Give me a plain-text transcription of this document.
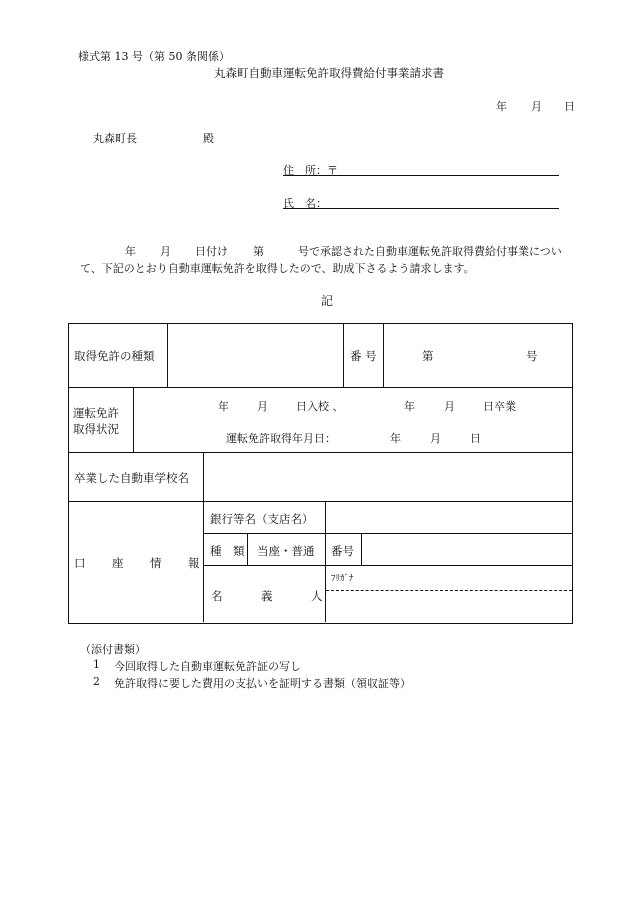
様式第 13 号（第 50 条関係）
丸森町自動車運転免許取得費給付事業請求書
年 月 日
丸森町長	殿
住　所：〒
氏　名：
年 月 日付け 第	号で承認された自動車運転免許取得費給付事業につい
て、下記のとおり自動車運転免許を取得したので、助成下さるよう請求します。
記
取得免許の種類	番 号	第	号
運転免許
取得状況
年	月	日入校 、	年	月	日卒業
運転免許取得年月日：	年	月	日
卒業した自動車学校名
口 座 情 報
銀行等名（支店名）
種　類 当座・普通 番号
ﾌﾘｶﾞﾅ
名	義	人
（添付書類）
1 今回取得した自動車運転免許証の写し
2 免許取得に要した費用の支払いを証明する書類（領収証等）
